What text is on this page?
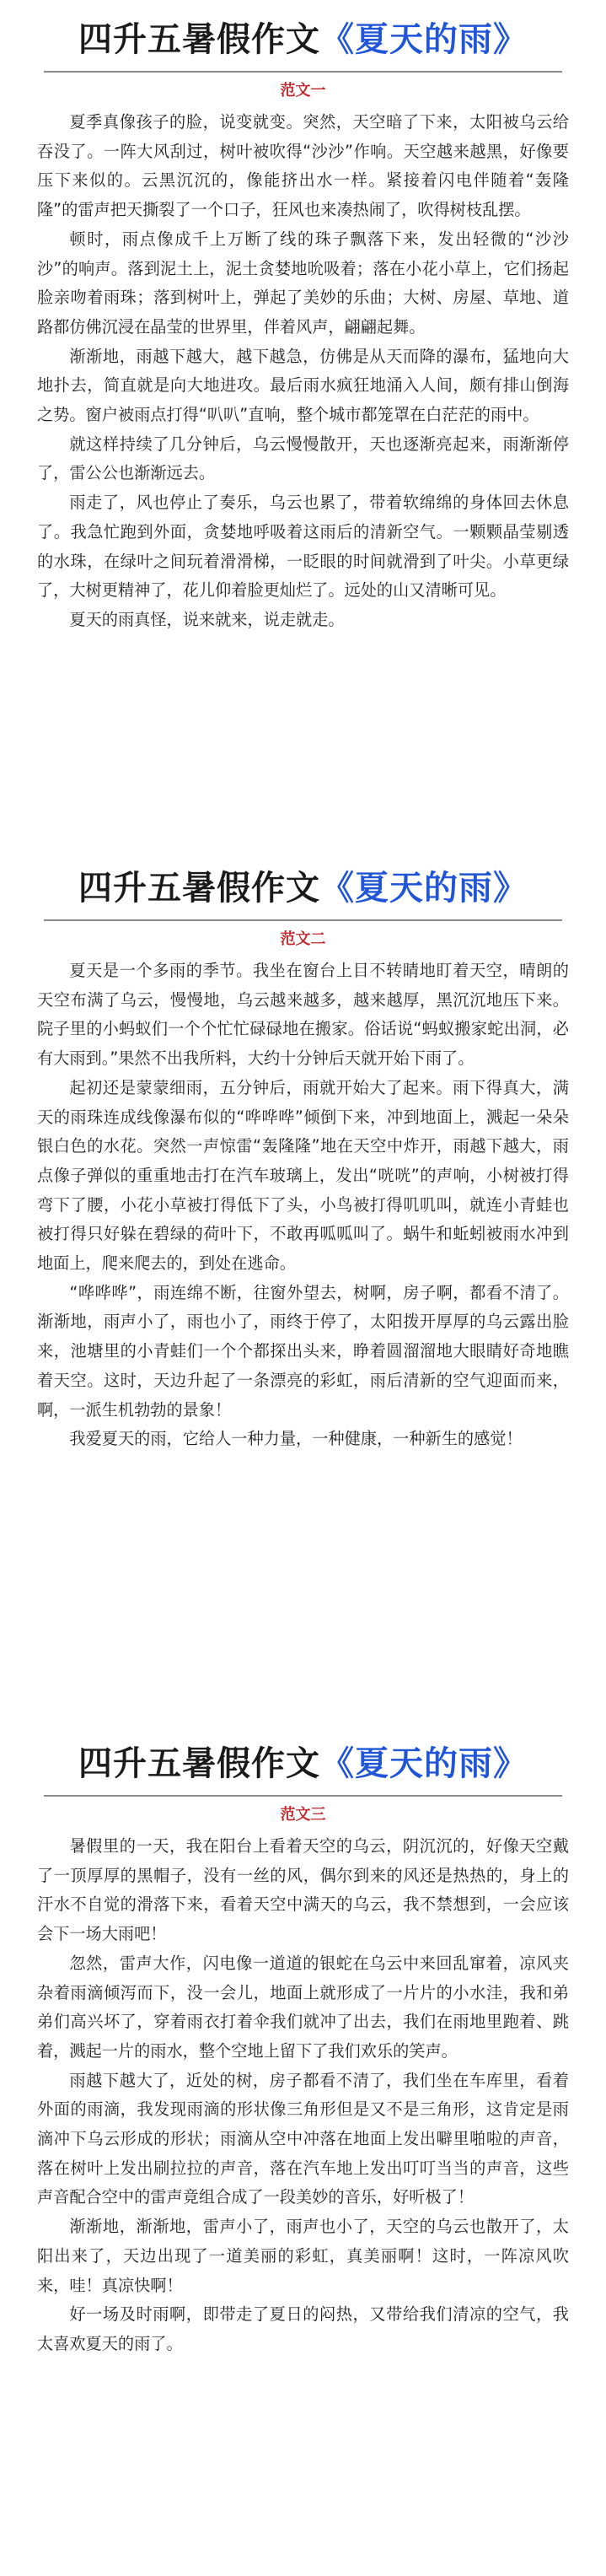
四升五暑假作文《夏天的雨》
范文一

夏季真像孩子的脸，说变就变。突然，天空暗了下来，太阳被乌云给吞没了。一阵大风刮过，树叶被吹得“沙沙”作响。天空越来越黑，好像要压下来似的。云黑沉沉的，像能挤出水一样。紧接着闪电伴随着“轰隆隆”的雷声把天撕裂了一个口子，狂风也来凑热闹了，吹得树枝乱摆。

顿时，雨点像成千上万断了线的珠子飘落下来，发出轻微的“沙沙沙”的响声。落到泥土上，泥土贪婪地吮吸着；落在小花小草上，它们扬起脸亲吻着雨珠；落到树叶上，弹起了美妙的乐曲；大树、房屋、草地、道路都仿佛沉浸在晶莹的世界里，伴着风声，翩翩起舞。

渐渐地，雨越下越大，越下越急，仿佛是从天而降的瀑布，猛地向大地扑去，简直就是向大地进攻。最后雨水疯狂地涌入人间，颇有排山倒海之势。窗户被雨点打得“叭叭”直响，整个城市都笼罩在白茫茫的雨中。

就这样持续了几分钟后，乌云慢慢散开，天也逐渐亮起来，雨渐渐停了，雷公公也渐渐远去。

雨走了，风也停止了奏乐，乌云也累了，带着软绵绵的身体回去休息了。我急忙跑到外面，贪婪地呼吸着这雨后的清新空气。一颗颗晶莹剔透的水珠，在绿叶之间玩着滑滑梯，一眨眼的时间就滑到了叶尖。小草更绿了，大树更精神了，花儿仰着脸更灿烂了。远处的山又清晰可见。

夏天的雨真怪，说来就来，说走就走。

四升五暑假作文《夏天的雨》
范文二

夏天是一个多雨的季节。我坐在窗台上目不转睛地盯着天空，晴朗的天空布满了乌云，慢慢地，乌云越来越多，越来越厚，黑沉沉地压下来。院子里的小蚂蚁们一个个忙忙碌碌地在搬家。俗话说“蚂蚁搬家蛇出洞，必有大雨到。”果然不出我所料，大约十分钟后天就开始下雨了。

起初还是蒙蒙细雨，五分钟后，雨就开始大了起来。雨下得真大，满天的雨珠连成线像瀑布似的“哗哗哗”倾倒下来，冲到地面上，溅起一朵朵银白色的水花。突然一声惊雷“轰隆隆”地在天空中炸开，雨越下越大，雨点像子弹似的重重地击打在汽车玻璃上，发出“咣咣”的声响，小树被打得弯下了腰，小花小草被打得低下了头，小鸟被打得叽叽叫，就连小青蛙也被打得只好躲在碧绿的荷叶下，不敢再呱呱叫了。蜗牛和蚯蚓被雨水冲到地面上，爬来爬去的，到处在逃命。

“哗哗哗”，雨连绵不断，往窗外望去，树啊，房子啊，都看不清了。渐渐地，雨声小了，雨也小了，雨终于停了，太阳拨开厚厚的乌云露出脸来，池塘里的小青蛙们一个个都探出头来，睁着圆溜溜地大眼睛好奇地瞧着天空。这时，天边升起了一条漂亮的彩虹，雨后清新的空气迎面而来，啊，一派生机勃勃的景象！

我爱夏天的雨，它给人一种力量，一种健康，一种新生的感觉！

四升五暑假作文《夏天的雨》
范文三

暑假里的一天，我在阳台上看着天空的乌云，阴沉沉的，好像天空戴了一顶厚厚的黑帽子，没有一丝的风，偶尔到来的风还是热热的，身上的汗水不自觉的滑落下来，看着天空中满天的乌云，我不禁想到，一会应该会下一场大雨吧！

忽然，雷声大作，闪电像一道道的银蛇在乌云中来回乱窜着，凉风夹杂着雨滴倾泻而下，没一会儿，地面上就形成了一片片的小水洼，我和弟弟们高兴坏了，穿着雨衣打着伞我们就冲了出去，我们在雨地里跑着、跳着，溅起一片的雨水，整个空地上留下了我们欢乐的笑声。

雨越下越大了，近处的树，房子都看不清了，我们坐在车库里，看着外面的雨滴，我发现雨滴的形状像三角形但是又不是三角形，这肯定是雨滴冲下乌云形成的形状；雨滴从空中冲落在地面上发出噼里啪啦的声音，落在树叶上发出刷拉拉的声音，落在汽车地上发出叮叮当当的声音，这些声音配合空中的雷声竟组合成了一段美妙的音乐，好听极了！

渐渐地，渐渐地，雷声小了，雨声也小了，天空的乌云也散开了，太阳出来了，天边出现了一道美丽的彩虹，真美丽啊！这时，一阵凉风吹来，哇！真凉快啊！

好一场及时雨啊，即带走了夏日的闷热，又带给我们清凉的空气，我太喜欢夏天的雨了。
